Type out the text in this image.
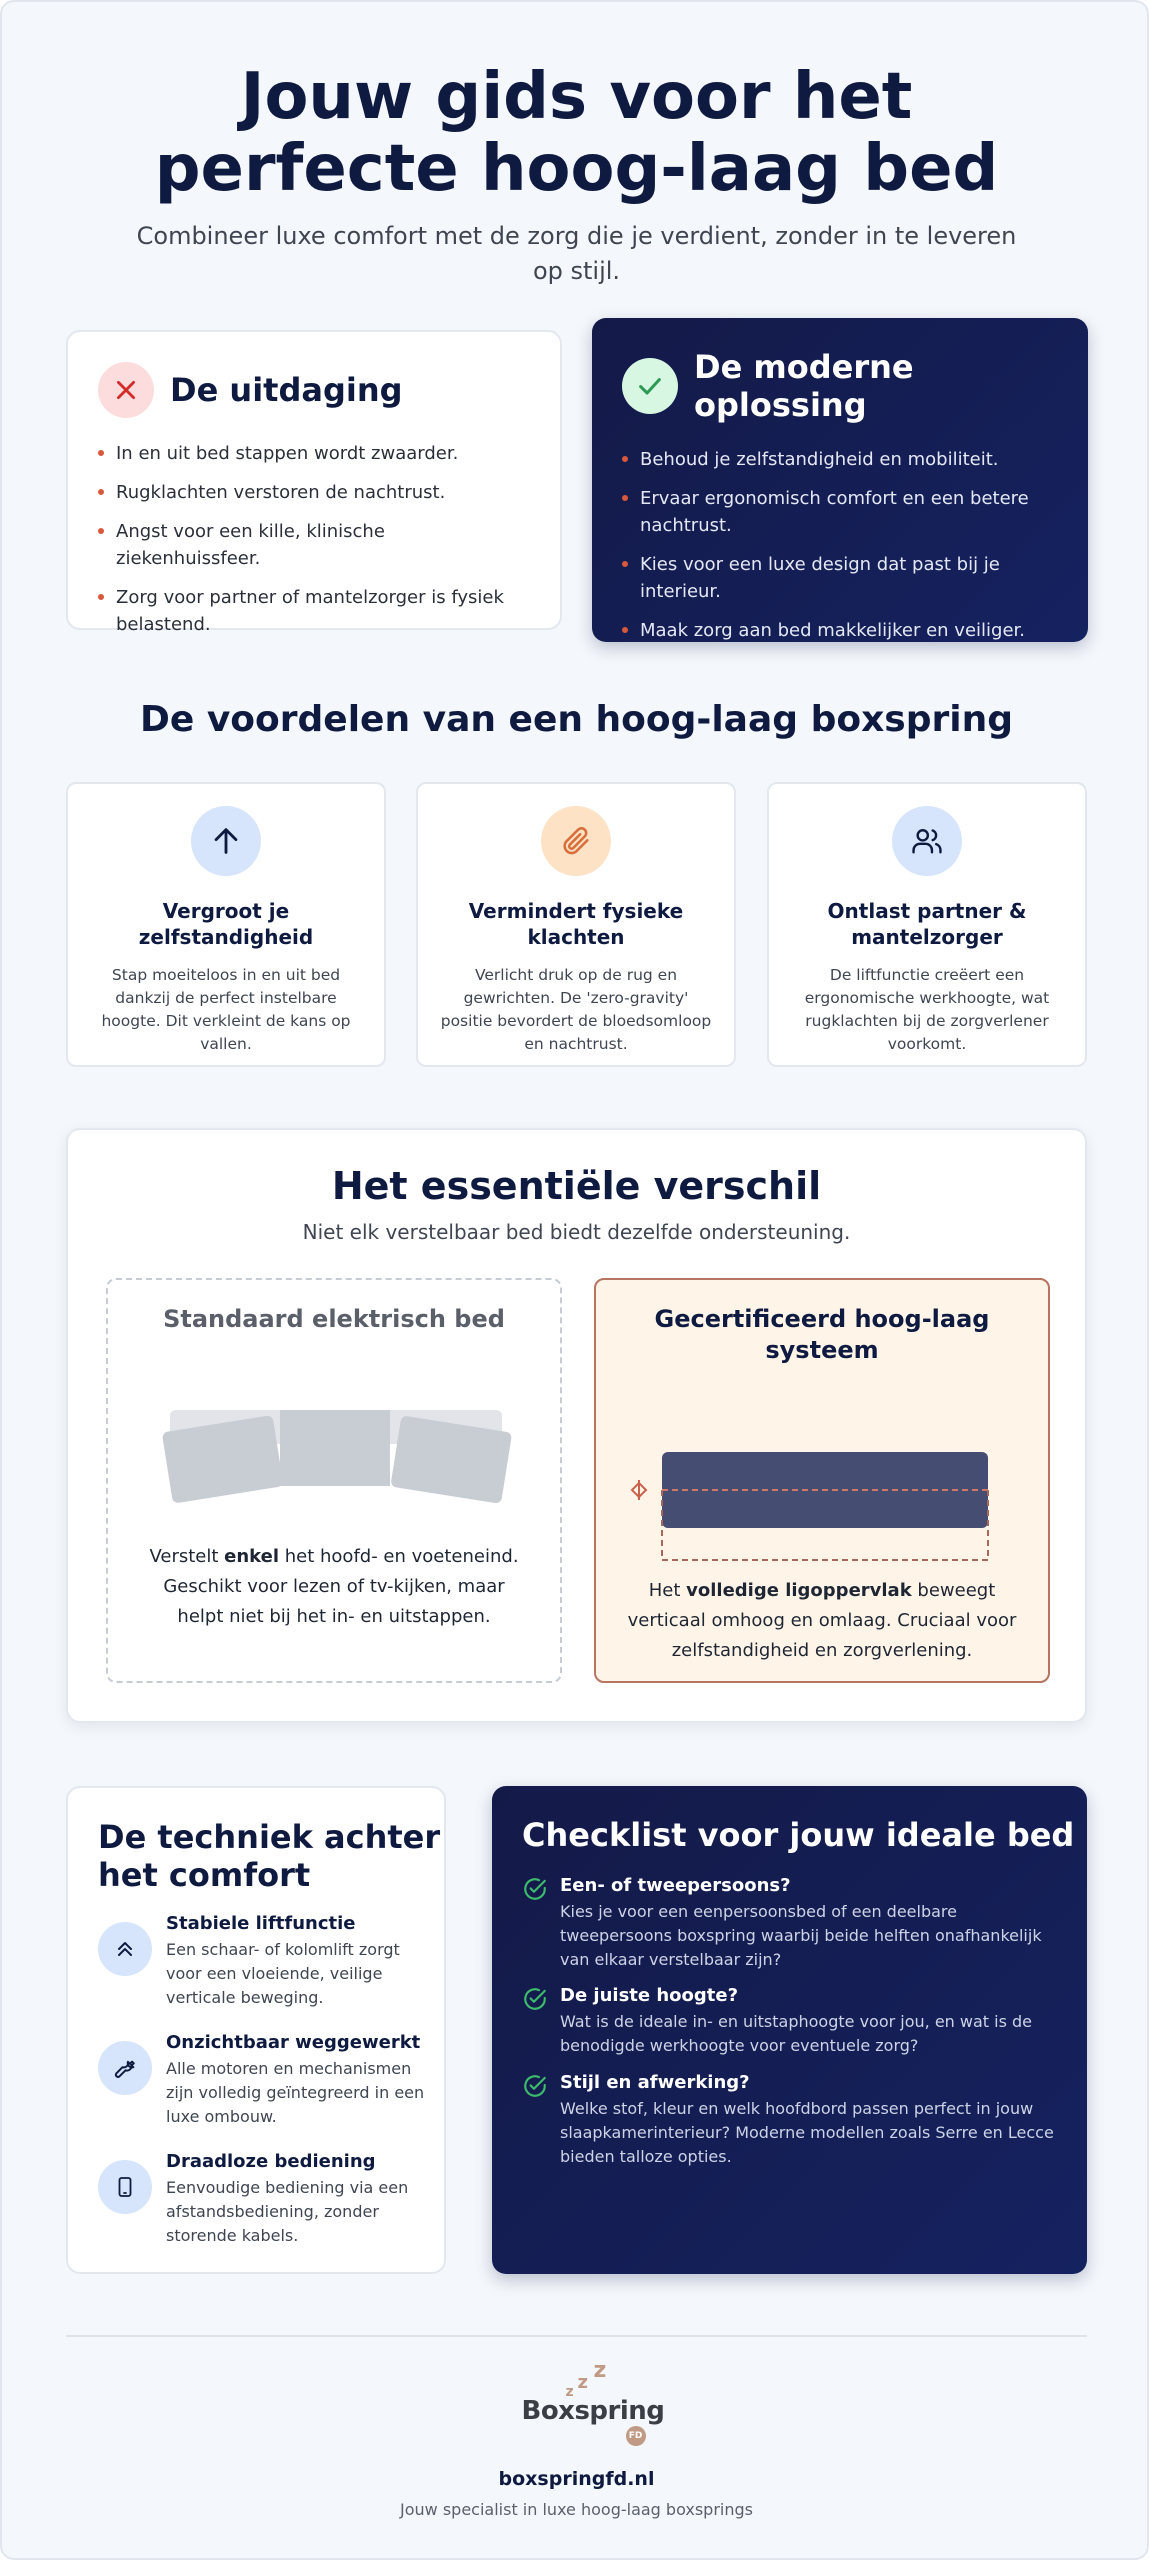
Jouw gids voor het perfecte hoog-laag bed

Combineer luxe comfort met de zorg die je verdient, zonder in te leveren op stijl.

De uitdaging
In en uit bed stappen wordt zwaarder.
Rugklachten verstoren de nachtrust.
Angst voor een kille, klinische ziekenhuissfeer.
Zorg voor partner of mantelzorger is fysiek belastend.
De moderne oplossing
Behoud je zelfstandigheid en mobiliteit.
Ervaar ergonomisch comfort en een betere nachtrust.
Kies voor een luxe design dat past bij je interieur.
Maak zorg aan bed makkelijker en veiliger.
De voordelen van een hoog-laag boxspring
Vergroot je zelfstandigheid

Stap moeiteloos in en uit bed dankzij de perfect instelbare hoogte. Dit verkleint de kans op vallen.

Vermindert fysieke klachten

Verlicht druk op de rug en gewrichten. De 'zero-gravity' positie bevordert de bloedsomloop en nachtrust.

Ontlast partner & mantelzorger

De liftfunctie creëert een ergonomische werkhoogte, wat rugklachten bij de zorgverlener voorkomt.

Het essentiële verschil
Niet elk verstelbaar bed biedt dezelfde ondersteuning.
Standaard elektrisch bed
Verstelt enkel het hoofd- en voeteneind. Geschikt voor lezen of tv-kijken, maar helpt niet bij het in- en uitstappen.
Gecertificeerd hoog-laag systeem
Het volledige ligoppervlak beweegt verticaal omhoog en omlaag. Cruciaal voor zelfstandigheid en zorgverlening.
De techniek achter het comfort
Stabiele liftfunctie

Een schaar- of kolomlift zorgt voor een vloeiende, veilige verticale beweging.

Onzichtbaar weggewerkt

Alle motoren en mechanismen zijn volledig geïntegreerd in een luxe ombouw.

Draadloze bediening

Eenvoudige bediening via een afstandsbediening, zonder storende kabels.

Checklist voor jouw ideale bed
Een- of tweepersoons?

Kies je voor een eenpersoonsbed of een deelbare tweepersoons boxspring waarbij beide helften onafhankelijk van elkaar verstelbaar zijn?

De juiste hoogte?

Wat is de ideale in- en uitstaphoogte voor jou, en wat is de benodigde werkhoogte voor eventuele zorg?

Stijl en afwerking?

Welke stof, kleur en welk hoofdbord passen perfect in jouw slaapkamerinterieur? Moderne modellen zoals Serre en Lecce bieden talloze opties.

z z z
Boxspring
FD
boxspringfd.nl
Jouw specialist in luxe hoog-laag boxsprings
